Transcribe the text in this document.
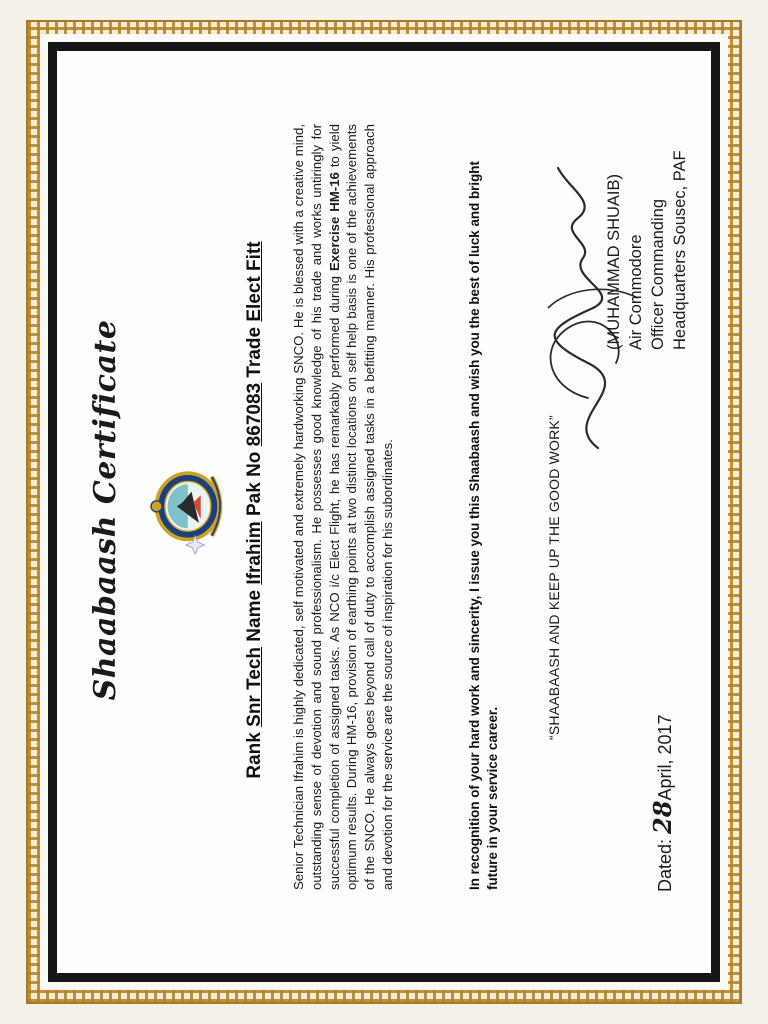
Shaabaash Certificate
Rank Snr Tech Name Ifrahim Pak No 867083 Trade Elect Fitt Senior Technician Ifrahim is highly dedicated, self motivated and extremely hardworking SNCO. He is blessed with a creative mind, outstanding sense of devotion and sound professionalism. He possesses good knowledge of his trade and works untiringly for successful completion of assigned tasks. As NCO i/c Elect Flight, he has remarkably performed during Exercise HM-16 to yield optimum results. During HM-16, provision of earthing points at two distinct locations on self help basis is one of the achievements of the SNCO. He always goes beyond call of duty to accomplish assigned tasks in a befitting manner. His professional approach and devotion for the service are the source of inspiration for his subordinates.	In recognition of your hard work and sincerity, I issue you this Shaabaash and wish you the best of luck and bright future in your service career.

“SHAABAASH AND KEEP UP THE GOOD WORK”

(MUHAMMAD SHUAIB) Air Commodore Officer Commanding Headquarters Sousec, PAF

Dated: 28April, 2017
